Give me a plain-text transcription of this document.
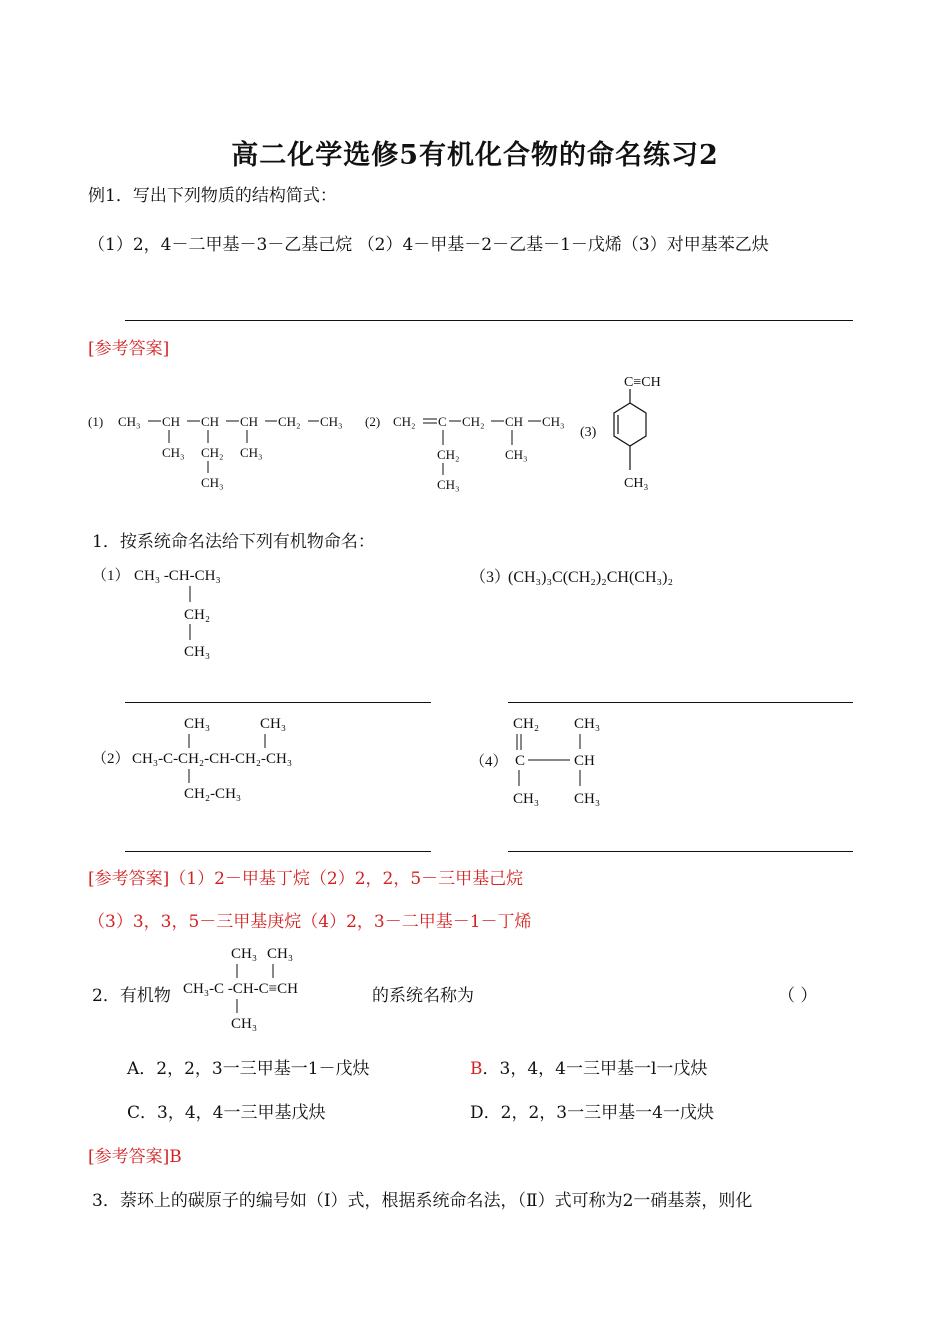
高二化学选修5有机化合物的命名练习2
例1．写出下列物质的结构简式：
（1）2，4－二甲基－3－乙基己烷 （2）4－甲基－2－乙基－1－戊烯（3）对甲基苯乙炔
[参考答案]
(1) CH₃ CH CH CH CH₂ CH₃
CH₃ CH₂
CH₃
CH₃
(2) CH₂ C CH₂ CH CH₃
CH₂
CH₃
CH₃
(3)
C≡CH
CH₃
1．按系统命名法给下列有机物命名：
（1） CH₃ -CH-CH₃
CH₂
CH₃
（3）
(CH₃)₃C(CH₂)₂CH(CH₃)₂
CH₃	CH₃
（2） CH₃-C-CH₂-CH-CH₂-CH₃
CH₂-CH₃
CH₂ CH₃
（4） C	CH
CH₃ CH₃
[参考答案]（1）2－甲基丁烷（2）2，2，5－三甲基己烷
（3）3，3，5－三甲基庚烷（4）2，3－二甲基－1－丁烯
2．有机物
CH₃ CH₃
CH₃-C -CH-C≡CH
CH₃
的系统名称为	（ ）
A．2，2，3一三甲基一1－戊炔	B．3，4，4一三甲基一l一戊炔
C．3，4，4一三甲基戊炔	D．2，2，3一三甲基一4一戊炔
[参考答案]B
3．萘环上的碳原子的编号如（I）式，根据系统命名法，（Ⅱ）式可称为2一硝基萘，则化
